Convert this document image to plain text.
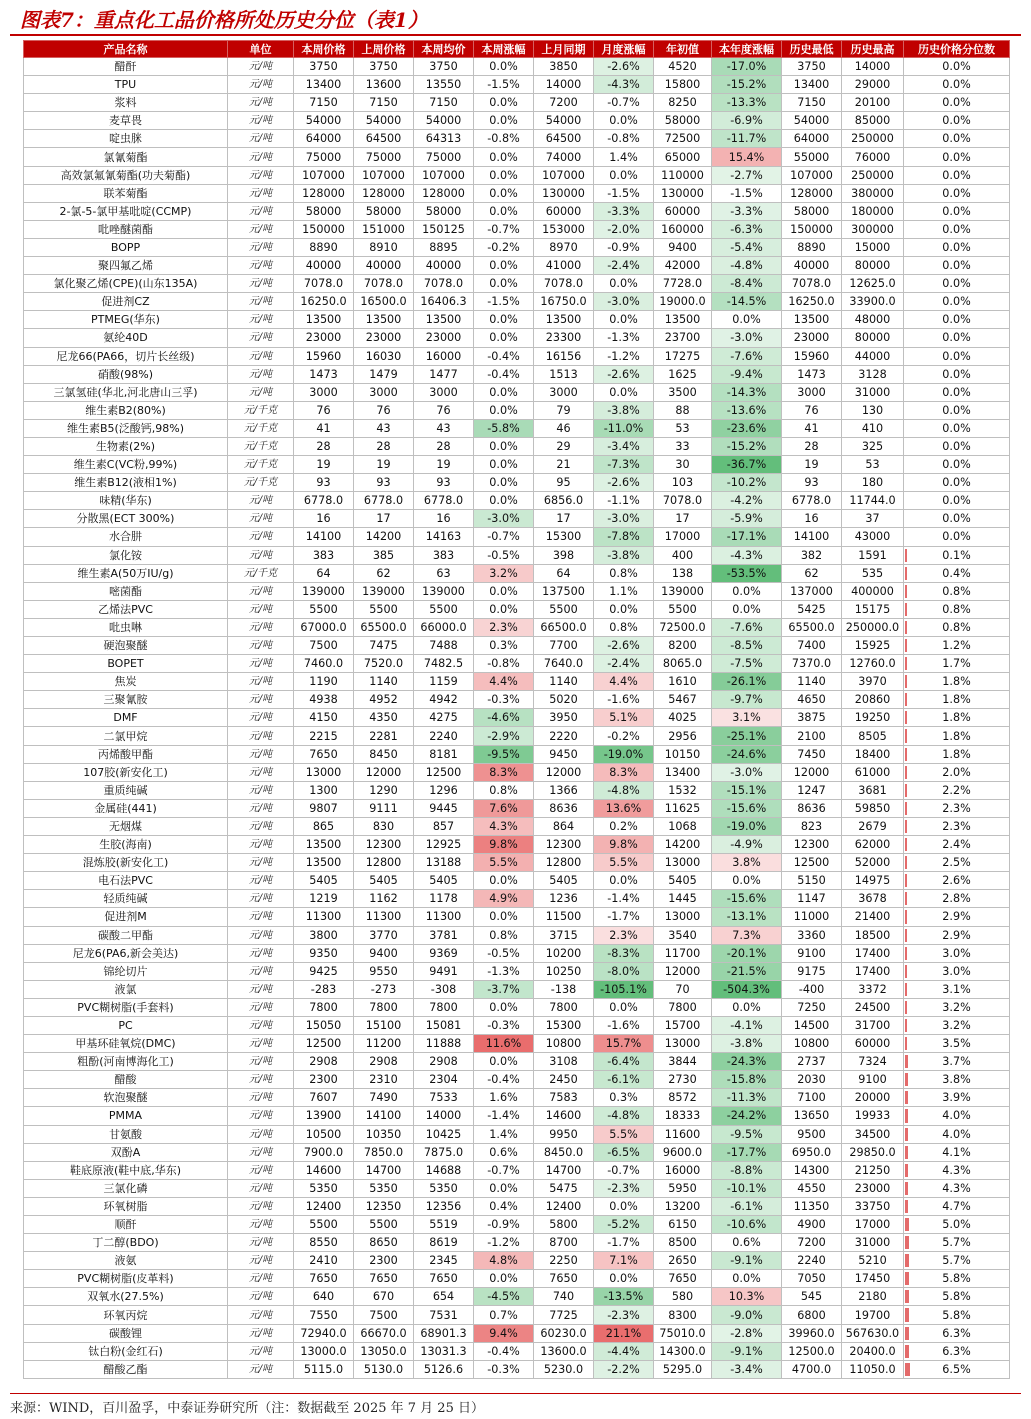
图表7：重点化工品价格所处历史分位（表1）
产品名称	单位	本周价格	上周价格	本周均价	本周涨幅	上月同期	月度涨幅	年初值	本年度涨幅	历史最低	历史最高	历史价格分位数
醋酐	元/吨	3750	3750	3750	0.0%	3850	-2.6%	4520	-17.0%	3750	14000	0.0%
TPU	元/吨	13400	13600	13550	-1.5%	14000	-4.3%	15800	-15.2%	13400	29000	0.0%
浆料	元/吨	7150	7150	7150	0.0%	7200	-0.7%	8250	-13.3%	7150	20100	0.0%
麦草畏	元/吨	54000	54000	54000	0.0%	54000	0.0%	58000	-6.9%	54000	85000	0.0%
啶虫脒	元/吨	64000	64500	64313	-0.8%	64500	-0.8%	72500	-11.7%	64000	250000	0.0%
氯氰菊酯	元/吨	75000	75000	75000	0.0%	74000	1.4%	65000	15.4%	55000	76000	0.0%
高效氯氟氰菊酯(功夫菊酯)	元/吨	107000	107000	107000	0.0%	107000	0.0%	110000	-2.7%	107000	250000	0.0%
联苯菊酯	元/吨	128000	128000	128000	0.0%	130000	-1.5%	130000	-1.5%	128000	380000	0.0%
2-氯-5-氯甲基吡啶(CCMP)	元/吨	58000	58000	58000	0.0%	60000	-3.3%	60000	-3.3%	58000	180000	0.0%
吡唑醚菌酯	元/吨	150000	151000	150125	-0.7%	153000	-2.0%	160000	-6.3%	150000	300000	0.0%
BOPP	元/吨	8890	8910	8895	-0.2%	8970	-0.9%	9400	-5.4%	8890	15000	0.0%
聚四氟乙烯	元/吨	40000	40000	40000	0.0%	41000	-2.4%	42000	-4.8%	40000	80000	0.0%
氯化聚乙烯(CPE)(山东135A)	元/吨	7078.0	7078.0	7078.0	0.0%	7078.0	0.0%	7728.0	-8.4%	7078.0	12625.0	0.0%
促进剂CZ	元/吨	16250.0	16500.0	16406.3	-1.5%	16750.0	-3.0%	19000.0	-14.5%	16250.0	33900.0	0.0%
PTMEG(华东)	元/吨	13500	13500	13500	0.0%	13500	0.0%	13500	0.0%	13500	48000	0.0%
氨纶40D	元/吨	23000	23000	23000	0.0%	23300	-1.3%	23700	-3.0%	23000	80000	0.0%
尼龙66(PA66，切片长丝级)	元/吨	15960	16030	16000	-0.4%	16156	-1.2%	17275	-7.6%	15960	44000	0.0%
硝酸(98%)	元/吨	1473	1479	1477	-0.4%	1513	-2.6%	1625	-9.4%	1473	3128	0.0%
三氯氢硅(华北,河北唐山三孚)	元/吨	3000	3000	3000	0.0%	3000	0.0%	3500	-14.3%	3000	31000	0.0%
维生素B2(80%)	元/千克	76	76	76	0.0%	79	-3.8%	88	-13.6%	76	130	0.0%
维生素B5(泛酸钙,98%)	元/千克	41	43	43	-5.8%	46	-11.0%	53	-23.6%	41	410	0.0%
生物素(2%)	元/千克	28	28	28	0.0%	29	-3.4%	33	-15.2%	28	325	0.0%
维生素C(VC粉,99%)	元/千克	19	19	19	0.0%	21	-7.3%	30	-36.7%	19	53	0.0%
维生素B12(液相1%)	元/千克	93	93	93	0.0%	95	-2.6%	103	-10.2%	93	180	0.0%
味精(华东)	元/吨	6778.0	6778.0	6778.0	0.0%	6856.0	-1.1%	7078.0	-4.2%	6778.0	11744.0	0.0%
分散黑(ECT 300%)	元/吨	16	17	16	-3.0%	17	-3.0%	17	-5.9%	16	37	0.0%
水合肼	元/吨	14100	14200	14163	-0.7%	15300	-7.8%	17000	-17.1%	14100	43000	0.0%
氯化铵	元/吨	383	385	383	-0.5%	398	-3.8%	400	-4.3%	382	1591	0.1%
维生素A(50万IU/g)	元/千克	64	62	63	3.2%	64	0.8%	138	-53.5%	62	535	0.4%
嘧菌酯	元/吨	139000	139000	139000	0.0%	137500	1.1%	139000	0.0%	137000	400000	0.8%
乙烯法PVC	元/吨	5500	5500	5500	0.0%	5500	0.0%	5500	0.0%	5425	15175	0.8%
吡虫啉	元/吨	67000.0	65500.0	66000.0	2.3%	66500.0	0.8%	72500.0	-7.6%	65500.0	250000.0	0.8%
硬泡聚醚	元/吨	7500	7475	7488	0.3%	7700	-2.6%	8200	-8.5%	7400	15925	1.2%
BOPET	元/吨	7460.0	7520.0	7482.5	-0.8%	7640.0	-2.4%	8065.0	-7.5%	7370.0	12760.0	1.7%
焦炭	元/吨	1190	1140	1159	4.4%	1140	4.4%	1610	-26.1%	1140	3970	1.8%
三聚氰胺	元/吨	4938	4952	4942	-0.3%	5020	-1.6%	5467	-9.7%	4650	20860	1.8%
DMF	元/吨	4150	4350	4275	-4.6%	3950	5.1%	4025	3.1%	3875	19250	1.8%
二氯甲烷	元/吨	2215	2281	2240	-2.9%	2220	-0.2%	2956	-25.1%	2100	8505	1.8%
丙烯酸甲酯	元/吨	7650	8450	8181	-9.5%	9450	-19.0%	10150	-24.6%	7450	18400	1.8%
107胶(新安化工)	元/吨	13000	12000	12500	8.3%	12000	8.3%	13400	-3.0%	12000	61000	2.0%
重质纯碱	元/吨	1300	1290	1296	0.8%	1366	-4.8%	1532	-15.1%	1247	3681	2.2%
金属硅(441)	元/吨	9807	9111	9445	7.6%	8636	13.6%	11625	-15.6%	8636	59850	2.3%
无烟煤	元/吨	865	830	857	4.3%	864	0.2%	1068	-19.0%	823	2679	2.3%
生胶(海南)	元/吨	13500	12300	12925	9.8%	12300	9.8%	14200	-4.9%	12300	62000	2.4%
混炼胶(新安化工)	元/吨	13500	12800	13188	5.5%	12800	5.5%	13000	3.8%	12500	52000	2.5%
电石法PVC	元/吨	5405	5405	5405	0.0%	5405	0.0%	5405	0.0%	5150	14975	2.6%
轻质纯碱	元/吨	1219	1162	1178	4.9%	1236	-1.4%	1445	-15.6%	1147	3678	2.8%
促进剂M	元/吨	11300	11300	11300	0.0%	11500	-1.7%	13000	-13.1%	11000	21400	2.9%
碳酸二甲酯	元/吨	3800	3770	3781	0.8%	3715	2.3%	3540	7.3%	3360	18500	2.9%
尼龙6(PA6,新会美达)	元/吨	9350	9400	9369	-0.5%	10200	-8.3%	11700	-20.1%	9100	17400	3.0%
锦纶切片	元/吨	9425	9550	9491	-1.3%	10250	-8.0%	12000	-21.5%	9175	17400	3.0%
液氯	元/吨	-283	-273	-308	-3.7%	-138	-105.1%	70	-504.3%	-400	3372	3.1%
PVC糊树脂(手套料)	元/吨	7800	7800	7800	0.0%	7800	0.0%	7800	0.0%	7250	24500	3.2%
PC	元/吨	15050	15100	15081	-0.3%	15300	-1.6%	15700	-4.1%	14500	31700	3.2%
甲基环硅氧烷(DMC)	元/吨	12500	11200	11888	11.6%	10800	15.7%	13000	-3.8%	10800	60000	3.5%
粗酚(河南博海化工)	元/吨	2908	2908	2908	0.0%	3108	-6.4%	3844	-24.3%	2737	7324	3.7%
醋酸	元/吨	2300	2310	2304	-0.4%	2450	-6.1%	2730	-15.8%	2030	9100	3.8%
软泡聚醚	元/吨	7607	7490	7533	1.6%	7583	0.3%	8572	-11.3%	7100	20000	3.9%
PMMA	元/吨	13900	14100	14000	-1.4%	14600	-4.8%	18333	-24.2%	13650	19933	4.0%
甘氨酸	元/吨	10500	10350	10425	1.4%	9950	5.5%	11600	-9.5%	9500	34500	4.0%
双酚A	元/吨	7900.0	7850.0	7875.0	0.6%	8450.0	-6.5%	9600.0	-17.7%	6950.0	29850.0	4.1%
鞋底原液(鞋中底,华东)	元/吨	14600	14700	14688	-0.7%	14700	-0.7%	16000	-8.8%	14300	21250	4.3%
三氯化磷	元/吨	5350	5350	5350	0.0%	5475	-2.3%	5950	-10.1%	4550	23000	4.3%
环氧树脂	元/吨	12400	12350	12356	0.4%	12400	0.0%	13200	-6.1%	11350	33750	4.7%
顺酐	元/吨	5500	5500	5519	-0.9%	5800	-5.2%	6150	-10.6%	4900	17000	5.0%
丁二醇(BDO)	元/吨	8550	8650	8619	-1.2%	8700	-1.7%	8500	0.6%	7200	31000	5.7%
液氨	元/吨	2410	2300	2345	4.8%	2250	7.1%	2650	-9.1%	2240	5210	5.7%
PVC糊树脂(皮革料)	元/吨	7650	7650	7650	0.0%	7650	0.0%	7650	0.0%	7050	17450	5.8%
双氧水(27.5%)	元/吨	640	670	654	-4.5%	740	-13.5%	580	10.3%	545	2180	5.8%
环氧丙烷	元/吨	7550	7500	7531	0.7%	7725	-2.3%	8300	-9.0%	6800	19700	5.8%
碳酸锂	元/吨	72940.0	66670.0	68901.3	9.4%	60230.0	21.1%	75010.0	-2.8%	39960.0	567630.0	6.3%
钛白粉(金红石)	元/吨	13000.0	13050.0	13031.3	-0.4%	13600.0	-4.4%	14300.0	-9.1%	12500.0	20400.0	6.3%
醋酸乙酯	元/吨	5115.0	5130.0	5126.6	-0.3%	5230.0	-2.2%	5295.0	-3.4%	4700.0	11050.0	6.5%
来源：WIND，百川盈孚，中泰证券研究所（注：数据截至 2025 年 7 月 25 日）
